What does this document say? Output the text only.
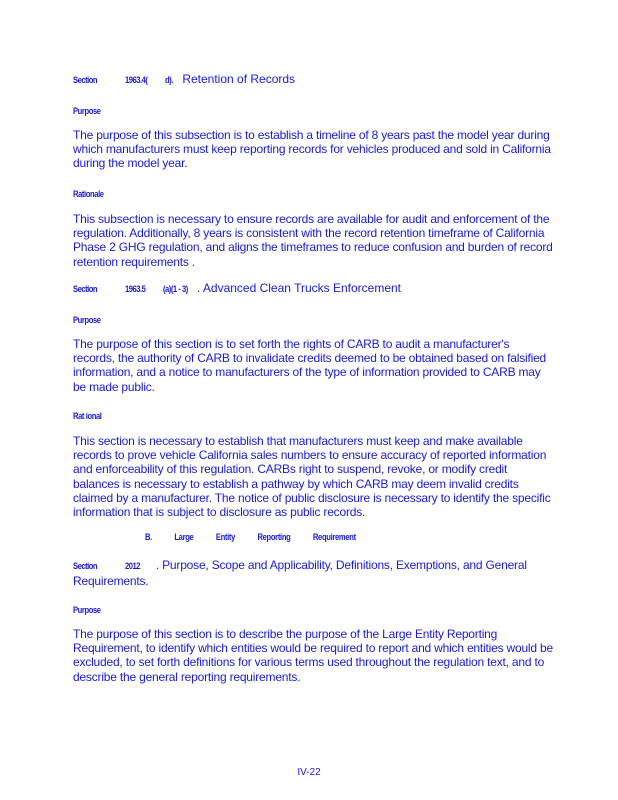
Section	1963.4( d). Retention of Records
Purpose
The purpose of this subsection is to establish a timeline of 8 years past the model year during which manufacturers must keep reporting records for vehicles produced and sold in California during the model year.
Rationale
This subsection is necessary to ensure records are available for audit and enforcement of the regulation. Additionally, 8 years is consistent with the record retention timeframe of California Phase 2 GHG regulation, and aligns the timeframes to reduce confusion and burden of record retention requirements .
Section	1963.5 (a)(1 - 3) . Advanced Clean Trucks Enforcement
Purpose
The purpose of this section is to set forth the rights of CARB to audit a manufacturer's records, the authority of CARB to invalidate credits deemed to be obtained based on falsified information, and a notice to manufacturers of the type of information provided to CARB may be made public.
Rat ional
This section is necessary to establish that manufacturers must keep and make available records to prove vehicle California sales numbers to ensure accuracy of reported information and enforceability of this regulation. CARBs right to suspend, revoke, or modify credit balances is necessary to establish a pathway by which CARB may deem invalid credits claimed by a manufacturer. The notice of public disclosure is necessary to identify the specific information that is subject to disclosure as public records.
B. Large Entity Reporting Requirement
Section	2012 . Purpose, Scope and Applicability, Definitions, Exemptions, and General Requirements.
Purpose
The purpose of this section is to describe the purpose of the Large Entity Reporting Requirement, to identify which entities would be required to report and which entities would be excluded, to set forth definitions for various terms used throughout the regulation text, and to describe the general reporting requirements.
IV-22
